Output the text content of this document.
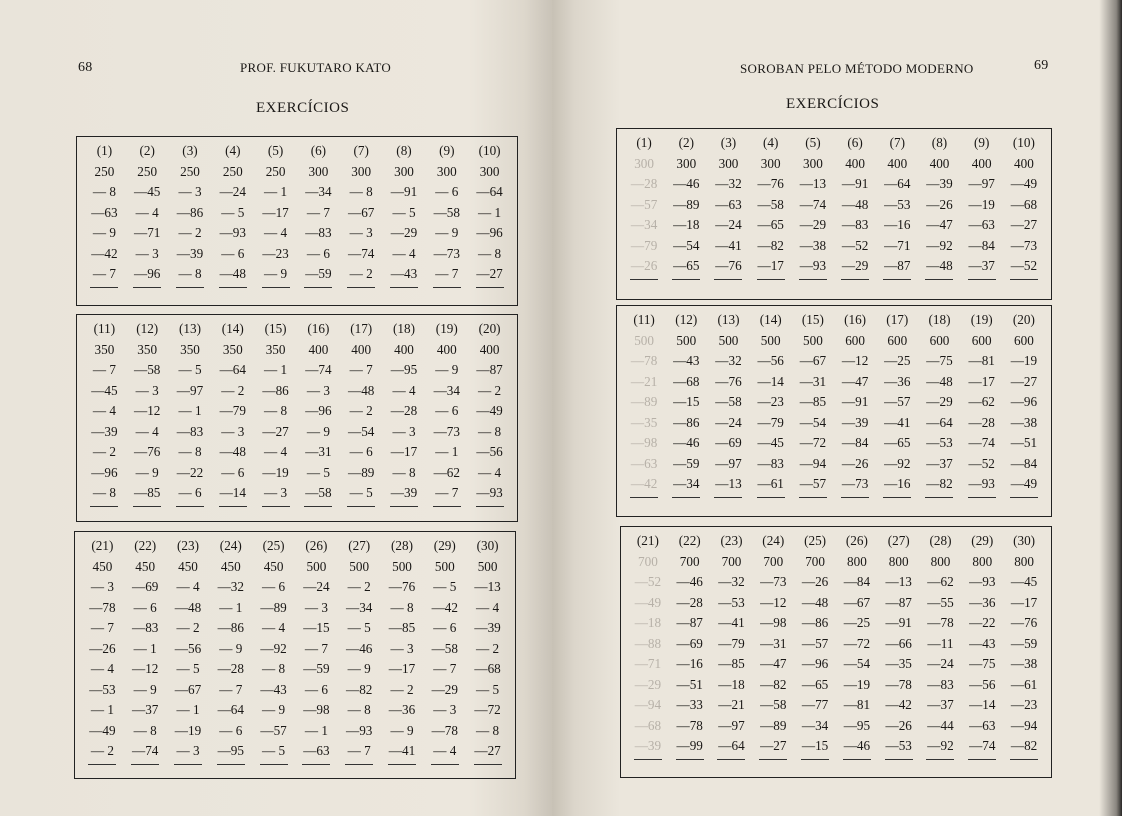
68	PROF. FUKUTARO KATO
EXERCÍCIOS
(1)
250
— 8
—63
— 9
—42
— 7
(2)
250
—45
— 4
—71
— 3
—96
(3)
250
— 3
—86
— 2
—39
— 8
(4)
250
—24
— 5
—93
— 6
—48
(5)
250
— 1
—17
— 4
—23
— 9
(6)
300
—34
— 7
—83
— 6
—59
(7)
300
— 8
—67
— 3
—74
— 2
(8)
300
—91
— 5
—29
— 4
—43
(9)
300
— 6
—58
— 9
—73
— 7
(10)
300
—64
— 1
—96
— 8
—27
(11)
350
— 7
—45
— 4
—39
— 2
—96
— 8
(12)
350
—58
— 3
—12
— 4
—76
— 9
—85
(13)
350
— 5
—97
— 1
—83
— 8
—22
— 6
(14)
350
—64
— 2
—79
— 3
—48
— 6
—14
(15)
350
— 1
—86
— 8
—27
— 4
—19
— 3
(16)
400
—74
— 3
—96
— 9
—31
— 5
—58
(17)
400
— 7
—48
— 2
—54
— 6
—89
— 5
(18)
400
—95
— 4
—28
— 3
—17
— 8
—39
(19)
400
— 9
—34
— 6
—73
— 1
—62
— 7
(20)
400
—87
— 2
—49
— 8
—56
— 4
—93
(21)
450
— 3
—78
— 7
—26
— 4
—53
— 1
—49
— 2
(22)
450
—69
— 6
—83
— 1
—12
— 9
—37
— 8
—74
(23)
450
— 4
—48
— 2
—56
— 5
—67
— 1
—19
— 3
(24)
450
—32
— 1
—86
— 9
—28
— 7
—64
— 6
—95
(25)
450
— 6
—89
— 4
—92
— 8
—43
— 9
—57
— 5
(26)
500
—24
— 3
—15
— 7
—59
— 6
—98
— 1
—63
(27)
500
— 2
—34
— 5
—46
— 9
—82
— 8
—93
— 7
(28)
500
—76
— 8
—85
— 3
—17
— 2
—36
— 9
—41
(29)
500
— 5
—42
— 6
—58
— 7
—29
— 3
—78
— 4
(30)
500
—13
— 4
—39
— 2
—68
— 5
—72
— 8
—27
SOROBAN PELO MÉTODO MODERNO	69
EXERCÍCIOS
(1)
300
—28
—57
—34
—79
—26
(2)
300
—46
—89
—18
—54
—65
(3)
300
—32
—63
—24
—41
—76
(4)
300
—76
—58
—65
—82
—17
(5)
300
—13
—74
—29
—38
—93
(6)
400
—91
—48
—83
—52
—29
(7)
400
—64
—53
—16
—71
—87
(8)
400
—39
—26
—47
—92
—48
(9)
400
—97
—19
—63
—84
—37
(10)
400
—49
—68
—27
—73
—52
(11)
500
—78
—21
—89
—35
—98
—63
—42
(12)
500
—43
—68
—15
—86
—46
—59
—34
(13)
500
—32
—76
—58
—24
—69
—97
—13
(14)
500
—56
—14
—23
—79
—45
—83
—61
(15)
500
—67
—31
—85
—54
—72
—94
—57
(16)
600
—12
—47
—91
—39
—84
—26
—73
(17)
600
—25
—36
—57
—41
—65
—92
—16
(18)
600
—75
—48
—29
—64
—53
—37
—82
(19)
600
—81
—17
—62
—28
—74
—52
—93
(20)
600
—19
—27
—96
—38
—51
—84
—49
(21)
700
—52
—49
—18
—88
—71
—29
—94
—68
—39
(22)
700
—46
—28
—87
—69
—16
—51
—33
—78
—99
(23)
700
—32
—53
—41
—79
—85
—18
—21
—97
—64
(24)
700
—73
—12
—98
—31
—47
—82
—58
—89
—27
(25)
700
—26
—48
—86
—57
—96
—65
—77
—34
—15
(26)
800
—84
—67
—25
—72
—54
—19
—81
—95
—46
(27)
800
—13
—87
—91
—66
—35
—78
—42
—26
—53
(28)
800
—62
—55
—78
—11
—24
—83
—37
—44
—92
(29)
800
—93
—36
—22
—43
—75
—56
—14
—63
—74
(30)
800
—45
—17
—76
—59
—38
—61
—23
—94
—82
